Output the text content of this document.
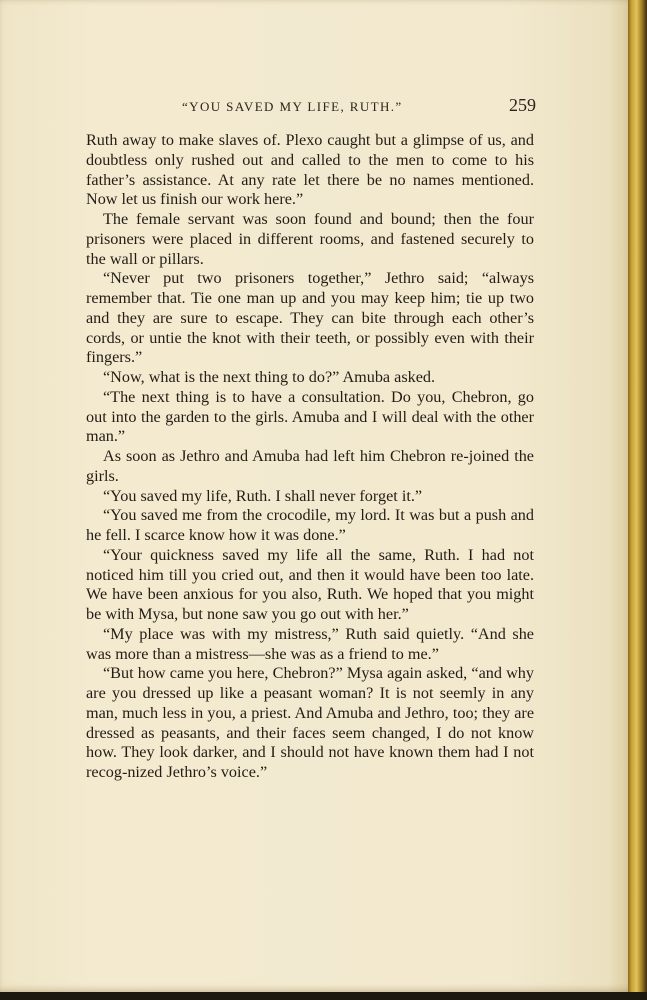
“YOU SAVED MY LIFE, RUTH.”	259

Ruth away to make slaves of. Plexo caught but a glimpse of us, and doubtless only rushed out and called to the men to come to his father’s assistance. At any rate let there be no names mentioned. Now let us finish our work here.”

The female servant was soon found and bound; then the four prisoners were placed in different rooms, and fastened securely to the wall or pillars.

“Never put two prisoners together,” Jethro said; “always remember that. Tie one man up and you may keep him; tie up two and they are sure to escape. They can bite through each other’s cords, or untie the knot with their teeth, or possibly even with their fingers.”

“Now, what is the next thing to do?” Amuba asked.

“The next thing is to have a consultation. Do you, Chebron, go out into the garden to the girls. Amuba and I will deal with the other man.”

As soon as Jethro and Amuba had left him Chebron re-joined the girls.

“You saved my life, Ruth. I shall never forget it.”

“You saved me from the crocodile, my lord. It was but a push and he fell. I scarce know how it was done.”

“Your quickness saved my life all the same, Ruth. I had not noticed him till you cried out, and then it would have been too late. We have been anxious for you also, Ruth. We hoped that you might be with Mysa, but none saw you go out with her.”

“My place was with my mistress,” Ruth said quietly. “And she was more than a mistress—she was as a friend to me.”

“But how came you here, Chebron?” Mysa again asked, “and why are you dressed up like a peasant woman? It is not seemly in any man, much less in you, a priest. And Amuba and Jethro, too; they are dressed as peasants, and their faces seem changed, I do not know how. They look darker, and I should not have known them had I not recog-nized Jethro’s voice.”
